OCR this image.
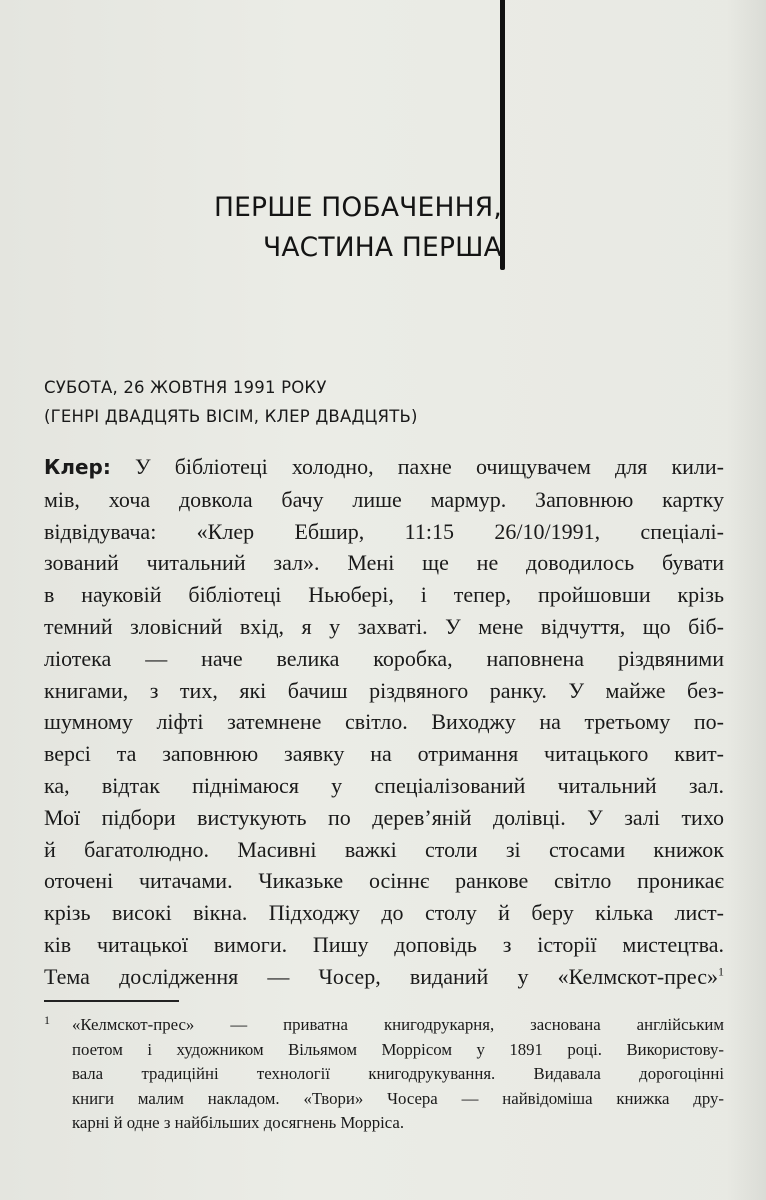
ПЕРШЕ ПОБАЧЕННЯ,
ЧАСТИНА ПЕРША
СУБОТА, 26 ЖОВТНЯ 1991 РОКУ
(ГЕНРІ ДВАДЦЯТЬ ВІСІМ, КЛЕР ДВАДЦЯТЬ)
Клер: У бібліотеці холодно, пахне очищувачем для кили-
мів, хоча довкола бачу лише мармур. Заповнюю картку
відвідувача: «Клер Ебшир, 11:15 26/10/1991, спеціалі-
зований читальний зал». Мені ще не доводилось бувати
в науковій бібліотеці Ньюбері, і тепер, пройшовши крізь
темний зловісний вхід, я у захваті. У мене відчуття, що біб-
ліотека — наче велика коробка, наповнена різдвяними
книгами, з тих, які бачиш різдвяного ранку. У майже без-
шумному ліфті затемнене світло. Виходжу на третьому по-
версі та заповнюю заявку на отримання читацького квит-
ка, відтак піднімаюся у спеціалізований читальний зал.
Мої підбори вистукують по дерев’яній долівці. У залі тихо
й багатолюдно. Масивні важкі столи зі стосами книжок
оточені читачами. Чиказьке осіннє ранкове світло проникає
крізь високі вікна. Підходжу до столу й беру кілька лист-
ків читацької вимоги. Пишу доповідь з історії мистецтва.
Тема дослідження — Чосер, виданий у «Келмскот-прес»$^1$
1 «Келмскот-прес» — приватна книгодрукарня, заснована англійським
поетом і художником Вільямом Моррісом у 1891 році. Використову-
вала традиційні технології книгодрукування. Видавала дорогоцінні
книги малим накладом. «Твори» Чосера — найвідоміша книжка дру-
карні й одне з найбільших досягнень Морріса.
